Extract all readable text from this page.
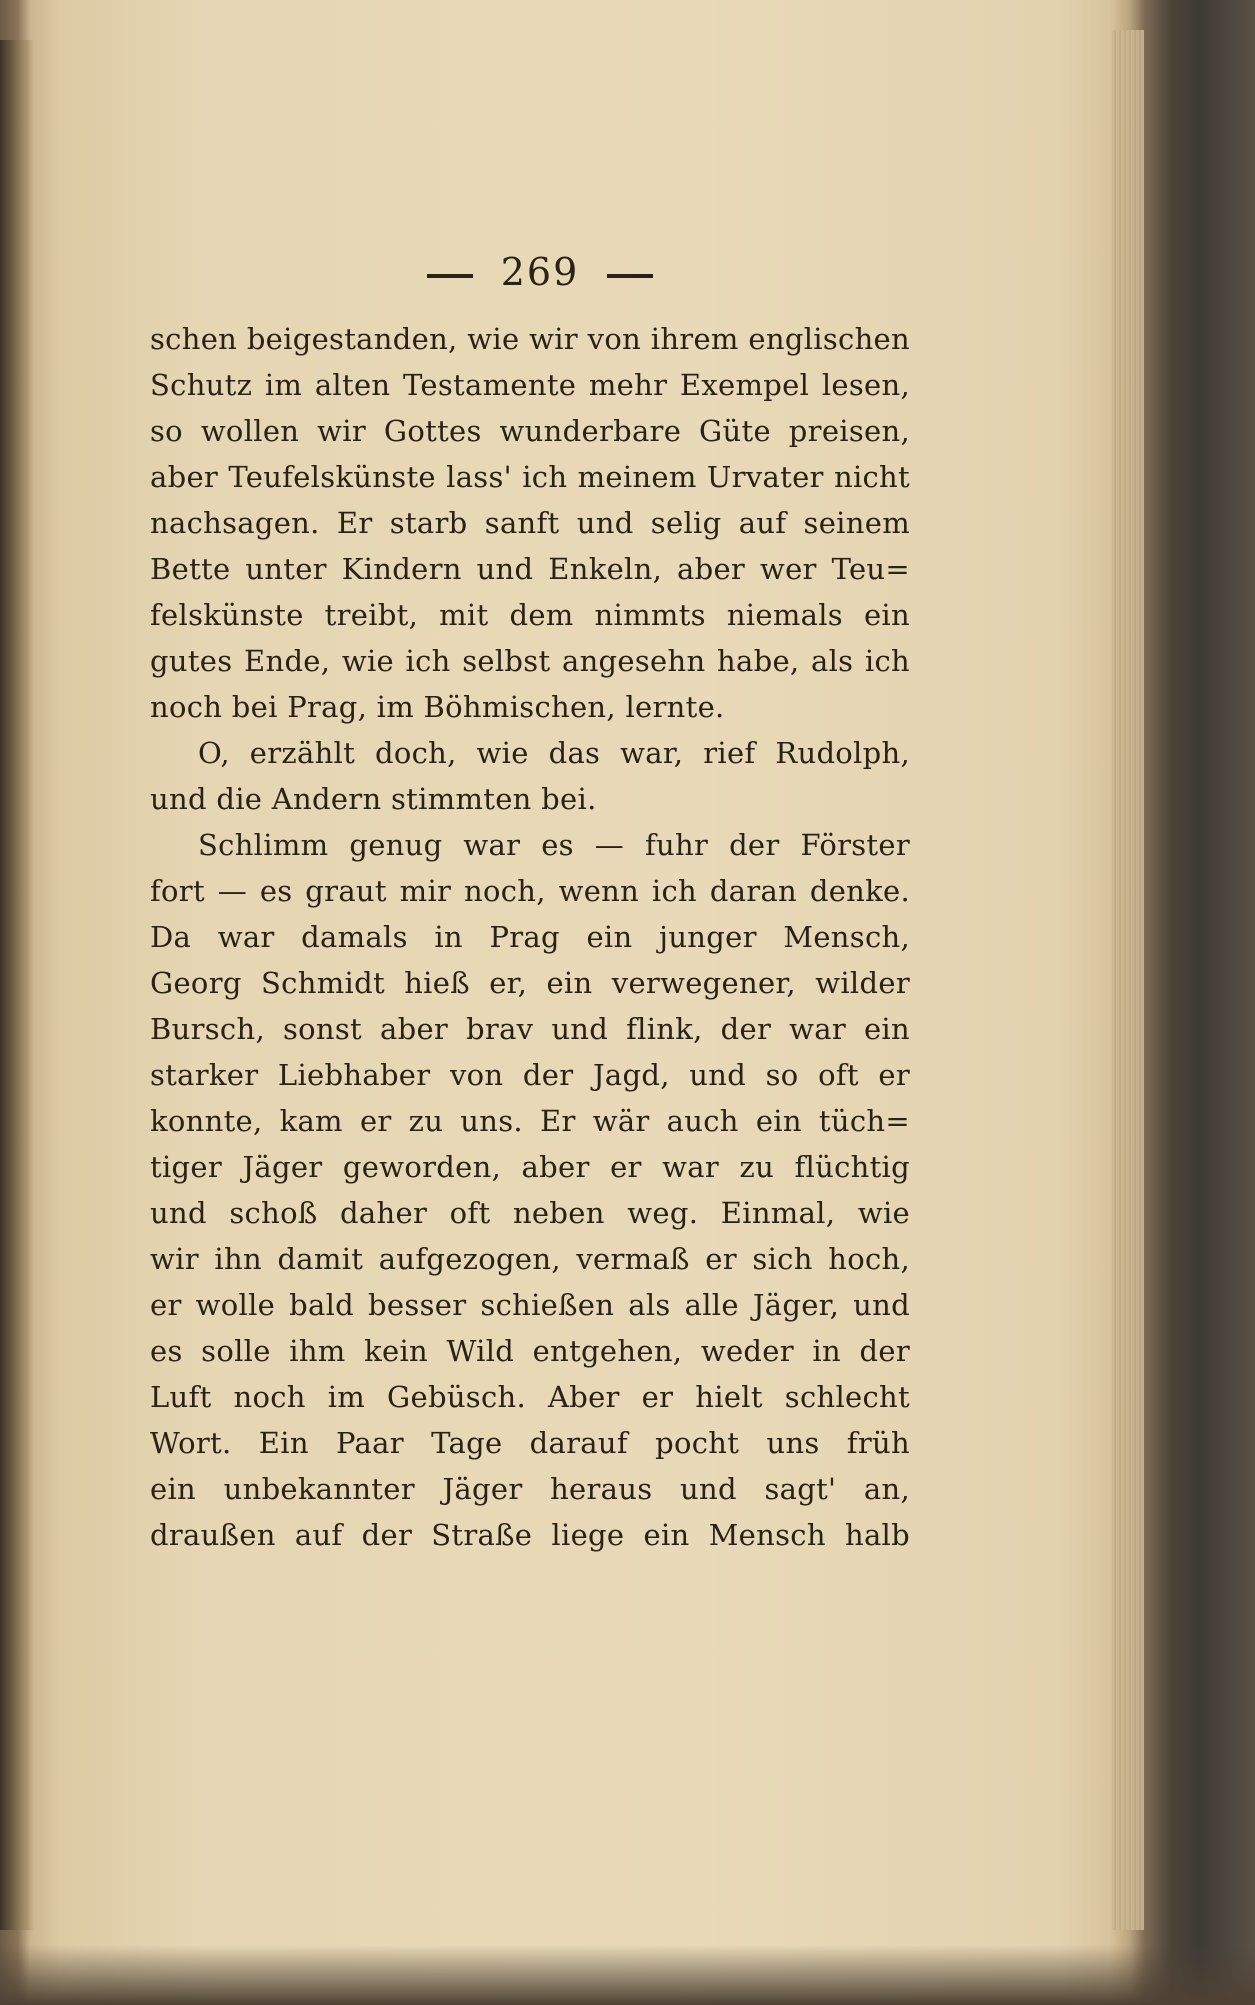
269
schen beigestanden, wie wir von ihrem englischen
Schutz im alten Testamente mehr Exempel lesen,
so wollen wir Gottes wunderbare Güte preisen,
aber Teufelskünste lass' ich meinem Urvater nicht
nachsagen. Er starb sanft und selig auf seinem
Bette unter Kindern und Enkeln, aber wer Teu=
felskünste treibt, mit dem nimmts niemals ein
gutes Ende, wie ich selbst angesehn habe, als ich
noch bei Prag, im Böhmischen, lernte.
O, erzählt doch, wie das war, rief Rudolph,
und die Andern stimmten bei.
Schlimm genug war es — fuhr der Förster
fort — es graut mir noch, wenn ich daran denke.
Da war damals in Prag ein junger Mensch,
Georg Schmidt hieß er, ein verwegener, wilder
Bursch, sonst aber brav und flink, der war ein
starker Liebhaber von der Jagd, und so oft er
konnte, kam er zu uns. Er wär auch ein tüch=
tiger Jäger geworden, aber er war zu flüchtig
und schoß daher oft neben weg. Einmal, wie
wir ihn damit aufgezogen, vermaß er sich hoch,
er wolle bald besser schießen als alle Jäger, und
es solle ihm kein Wild entgehen, weder in der
Luft noch im Gebüsch. Aber er hielt schlecht
Wort. Ein Paar Tage darauf pocht uns früh
ein unbekannter Jäger heraus und sagt' an,
draußen auf der Straße liege ein Mensch halb
